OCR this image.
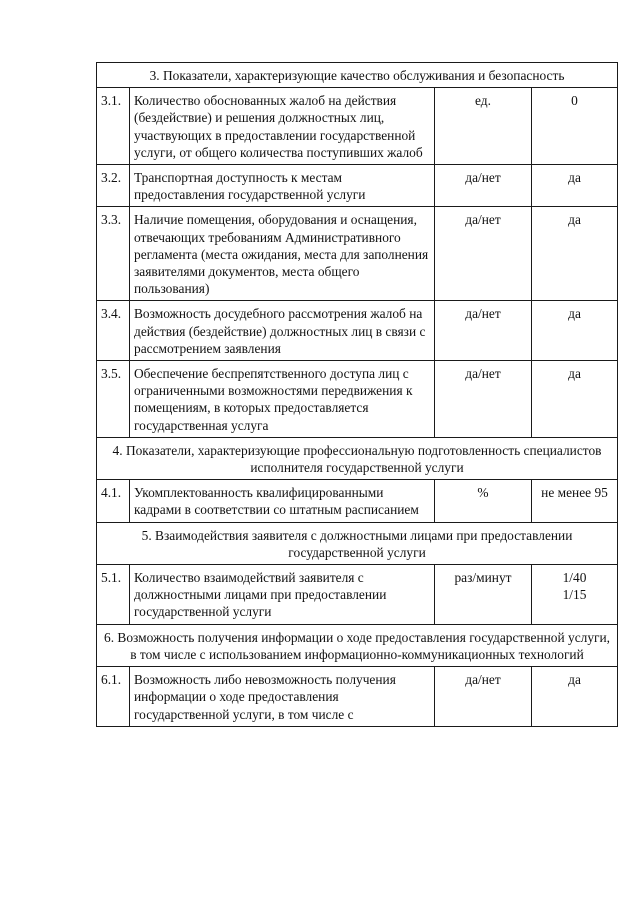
3. Показатели, характеризующие качество обслуживания и безопасность			
3.1.	Количество обоснованных жалоб на действия (бездействие) и решения должностных лиц, участвующих в предоставлении государственной услуги, от общего количества поступивших жалоб	ед.	0
3.2.	Транспортная доступность к местам предоставления государственной услуги	да/нет	да
3.3.	Наличие помещения, оборудования и оснащения, отвечающих требованиям Административного регламента (места ожидания, места для заполнения заявителями документов, места общего пользования)	да/нет	да
3.4.	Возможность досудебного рассмотрения жалоб на действия (бездействие) должностных лиц в связи с рассмотрением заявления	да/нет	да
3.5.	Обеспечение беспрепятственного доступа лиц с ограниченными возможностями передвижения к помещениям, в которых предоставляется государственная услуга	да/нет	да
4. Показатели, характеризующие профессиональную подготовленность специалистов исполнителя государственной услуги			
4.1.	Укомплектованность квалифицированными кадрами в соответствии со штатным расписанием	%	не менее 95
5. Взаимодействия заявителя с должностными лицами при предоставлении государственной услуги			
5.1.	Количество взаимодействий заявителя с должностными лицами при предоставлении государственной услуги	раз/минут	1/40
1/15

6. Возможность получения информации о ходе предоставления государственной услуги, в том числе с использованием информационно-коммуникационных технологий			
6.1.	Возможность либо невозможность получения информации о ходе предоставления государственной услуги, в том числе с	да/нет	да
